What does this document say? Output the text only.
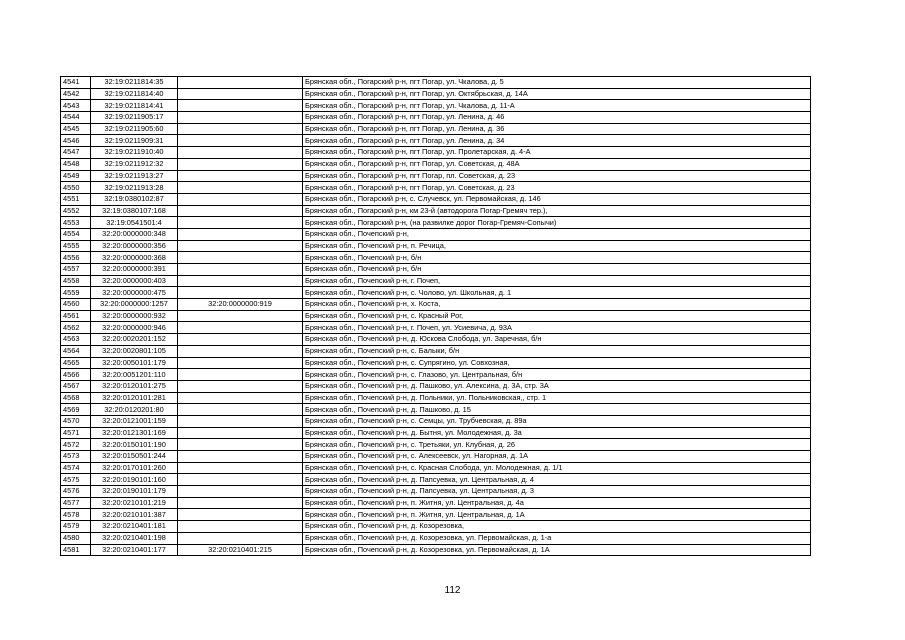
4541	32:19:0211814:35		Брянская обл., Погарский р-н, пгт Погар, ул. Чкалова, д. 5
4542	32:19:0211814:40		Брянская обл., Погарский р-н, пгт Погар, ул. Октябрьская, д. 14А
4543	32:19:0211814:41		Брянская обл., Погарский р-н, пгт Погар, ул. Чкалова, д. 11-А
4544	32:19:0211905:17		Брянская обл., Погарский р-н, пгт Погар, ул. Ленина, д. 46
4545	32:19:0211905:60		Брянская обл., Погарский р-н, пгт Погар, ул. Ленина, д. 36
4546	32:19:0211909:31		Брянская обл., Погарский р-н, пгт Погар, ул. Ленина, д. 34
4547	32:19:0211910:40		Брянская обл., Погарский р-н, пгт Погар, ул. Пролетарская, д. 4-А
4548	32:19:0211912:32		Брянская обл., Погарский р-н, пгт Погар, ул. Советская, д. 48А
4549	32:19:0211913:27		Брянская обл., Погарский р-н, пгт Погар, пл. Советская, д. 23
4550	32:19:0211913:28		Брянская обл., Погарский р-н, пгт Погар, ул. Советская, д. 23
4551	32:19:0380102:87		Брянская обл., Погарский р-н, с. Случевск, ул. Первомайская, д. 146
4552	32:19:0380107:168		Брянская обл., Погарский р-н, км 23-й (автодорога Погар-Гремяч тер.),
4553	32:19:0541501:4		Брянская обл., Погарский р-н, (на развилке дорог Погар-Гремяч-Сопычи)
4554	32:20:0000000:348		Брянская обл., Почепский р-н,
4555	32:20:0000000:356		Брянская обл., Почепский р-н, п. Речица,
4556	32:20:0000000:368		Брянская обл., Почепский р-н, б/н
4557	32:20:0000000:391		Брянская обл., Почепский р-н, б/н
4558	32:20:0000000:403		Брянская обл., Почепский р-н, г. Почеп,
4559	32:20:0000000:475		Брянская обл., Почепский р-н, с. Чолово, ул. Школьная, д. 1
4560	32:20:0000000:1257	32:20:0000000:919	Брянская обл., Почепский р-н, х. Коста,
4561	32:20:0000000:932		Брянская обл., Почепский р-н, с. Красный Рог,
4562	32:20:0000000:946		Брянская обл., Почепский р-н, г. Почеп, ул. Усиевича, д. 93А
4563	32:20:0020201:152		Брянская обл., Почепский р-н, д. Юскова Слобода, ул. Заречная, б/н
4564	32:20:0020801:105		Брянская обл., Почепский р-н, с. Балыки, б/н
4565	32:20:0050101:179		Брянская обл., Почепский р-н, с. Супрягино, ул. Совхозная,
4566	32:20:0051201:110		Брянская обл., Почепский р-н, с. Глазово, ул. Центральная, б/н
4567	32:20:0120101:275		Брянская обл., Почепский р-н, д. Пашково, ул. Алексина, д. 3А, стр. 3А
4568	32:20:0120101:281		Брянская обл., Почепский р-н, д. Польники, ул. Польниковская,, стр. 1
4569	32:20:0120201:80		Брянская обл., Почепский р-н, д. Пашково, д. 15
4570	32:20:0121001:159		Брянская обл., Почепский р-н, с. Семцы, ул. Трубчевская, д. 89а
4571	32:20:0121301:169		Брянская обл., Почепский р-н, д. Бытня, ул. Молодежная, д. 3а
4572	32:20:0150101:190		Брянская обл., Почепский р-н, с. Третьяки, ул. Клубная, д. 26
4573	32:20:0150501:244		Брянская обл., Почепский р-н, с. Алексеевск, ул. Нагорная, д. 1А
4574	32:20:0170101:260		Брянская обл., Почепский р-н, с. Красная Слобода, ул. Молодежная, д. 1/1
4575	32:20:0190101:160		Брянская обл., Почепский р-н, д. Папсуевка, ул. Центральная, д. 4
4576	32:20:0190101:179		Брянская обл., Почепский р-н, д. Папсуевка, ул. Центральная, д. 3
4577	32:20:0210101:219		Брянская обл., Почепский р-н, п. Житня, ул. Центральная, д. 4а
4578	32:20:0210101:387		Брянская обл., Почепский р-н, п. Житня, ул. Центральная, д. 1А
4579	32:20:0210401:181		Брянская обл., Почепский р-н, д. Козорезовка,
4580	32:20:0210401:198		Брянская обл., Почепский р-н, д. Козорезовка, ул. Первомайская, д. 1-а
4581	32:20:0210401:177	32:20:0210401:215	Брянская обл., Почепский р-н, д. Козорезовка, ул. Первомайская, д. 1А
112
